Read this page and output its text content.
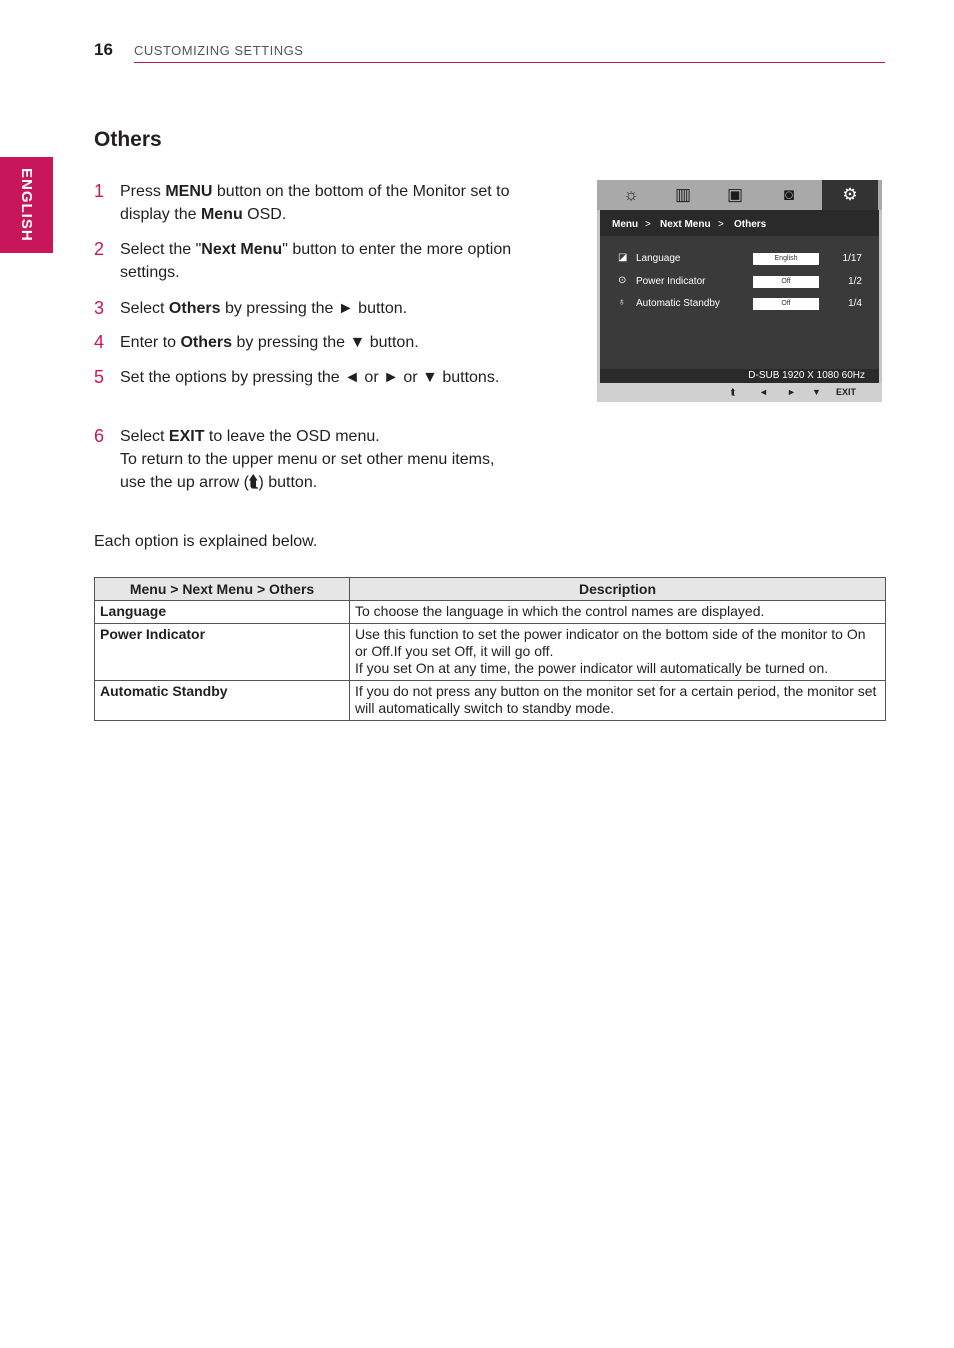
16 CUSTOMIZING SETTINGS
ENGLISH
Others
1 Press MENU button on the bottom of the Monitor set to display the Menu OSD.
2 Select the "Next Menu" button to enter the more option settings.
3 Select Others by pressing the ► button.
4 Enter to Others by pressing the ▼ button.
5 Set the options by pressing the ◄ or ► or ▼ buttons.
6 Select EXIT to leave the OSD menu.
To return to the upper menu or set other menu items, use the up arrow (⮬) button.
Each option is explained below.
☼	▥	▣	◙	⚙
Menu > Next Menu > Others
◪ Language	English	1/17
⊙ Power Indicator	Off	1/2
♁ Automatic Standby	Off	1/4
D-SUB 1920 X 1080 60Hz
⮬	◄ ► ▼ EXIT
Menu > Next Menu > Others	Description
Language	To choose the language in which the control names are displayed.
Power Indicator	Use this function to set the power indicator on the bottom side of the monitor to On or Off.If you set Off, it will go off.
If you set On at any time, the power indicator will automatically be turned on.
Automatic Standby	If you do not press any button on the monitor set for a certain period, the monitor set will automatically switch to standby mode.
